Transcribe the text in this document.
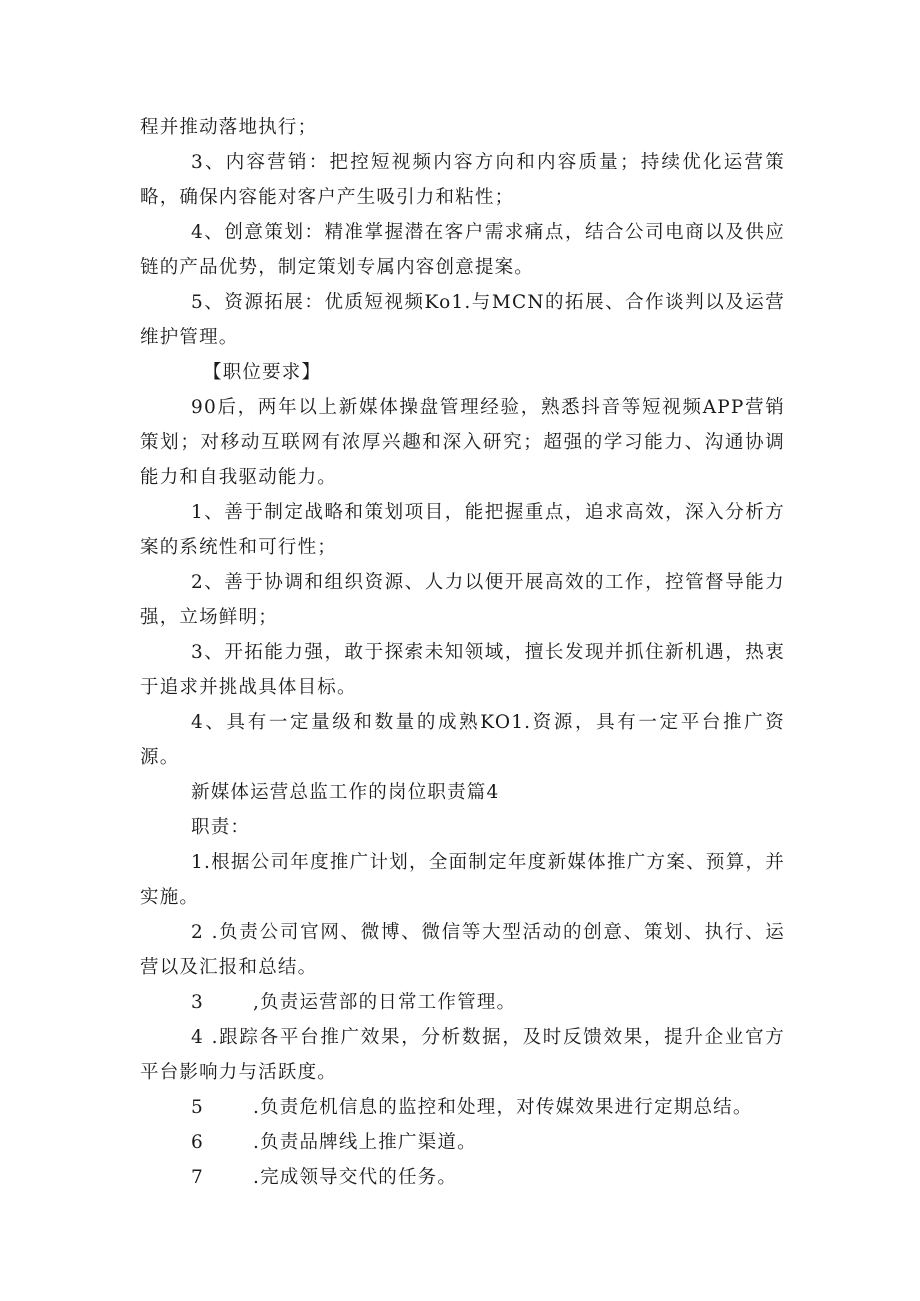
程并推动落地执行；

3、内容营销：把控短视频内容方向和内容质量；持续优化运营策略，确保内容能对客户产生吸引力和粘性；

4、创意策划：精准掌握潜在客户需求痛点，结合公司电商以及供应链的产品优势，制定策划专属内容创意提案。

5、资源拓展：优质短视频Ko1.与MCN的拓展、合作谈判以及运营维护管理。

【职位要求】

90后，两年以上新媒体操盘管理经验，熟悉抖音等短视频APP营销策划；对移动互联网有浓厚兴趣和深入研究；超强的学习能力、沟通协调能力和自我驱动能力。

1、善于制定战略和策划项目，能把握重点，追求高效，深入分析方案的系统性和可行性；

2、善于协调和组织资源、人力以便开展高效的工作，控管督导能力强，立场鲜明；

3、开拓能力强，敢于探索未知领域，擅长发现并抓住新机遇，热衷于追求并挑战具体目标。

4、具有一定量级和数量的成熟KO1.资源，具有一定平台推广资源。

新媒体运营总监工作的岗位职责篇4

职责：

1.根据公司年度推广计划，全面制定年度新媒体推广方案、预算，并实施。

2 .负责公司官网、微博、微信等大型活动的创意、策划、执行、运营以及汇报和总结。

3	,负责运营部的日常工作管理。

4 .跟踪各平台推广效果，分析数据，及时反馈效果，提升企业官方平台影响力与活跃度。

5	.负责危机信息的监控和处理，对传媒效果进行定期总结。

6	.负责品牌线上推广渠道。

7	.完成领导交代的任务。
